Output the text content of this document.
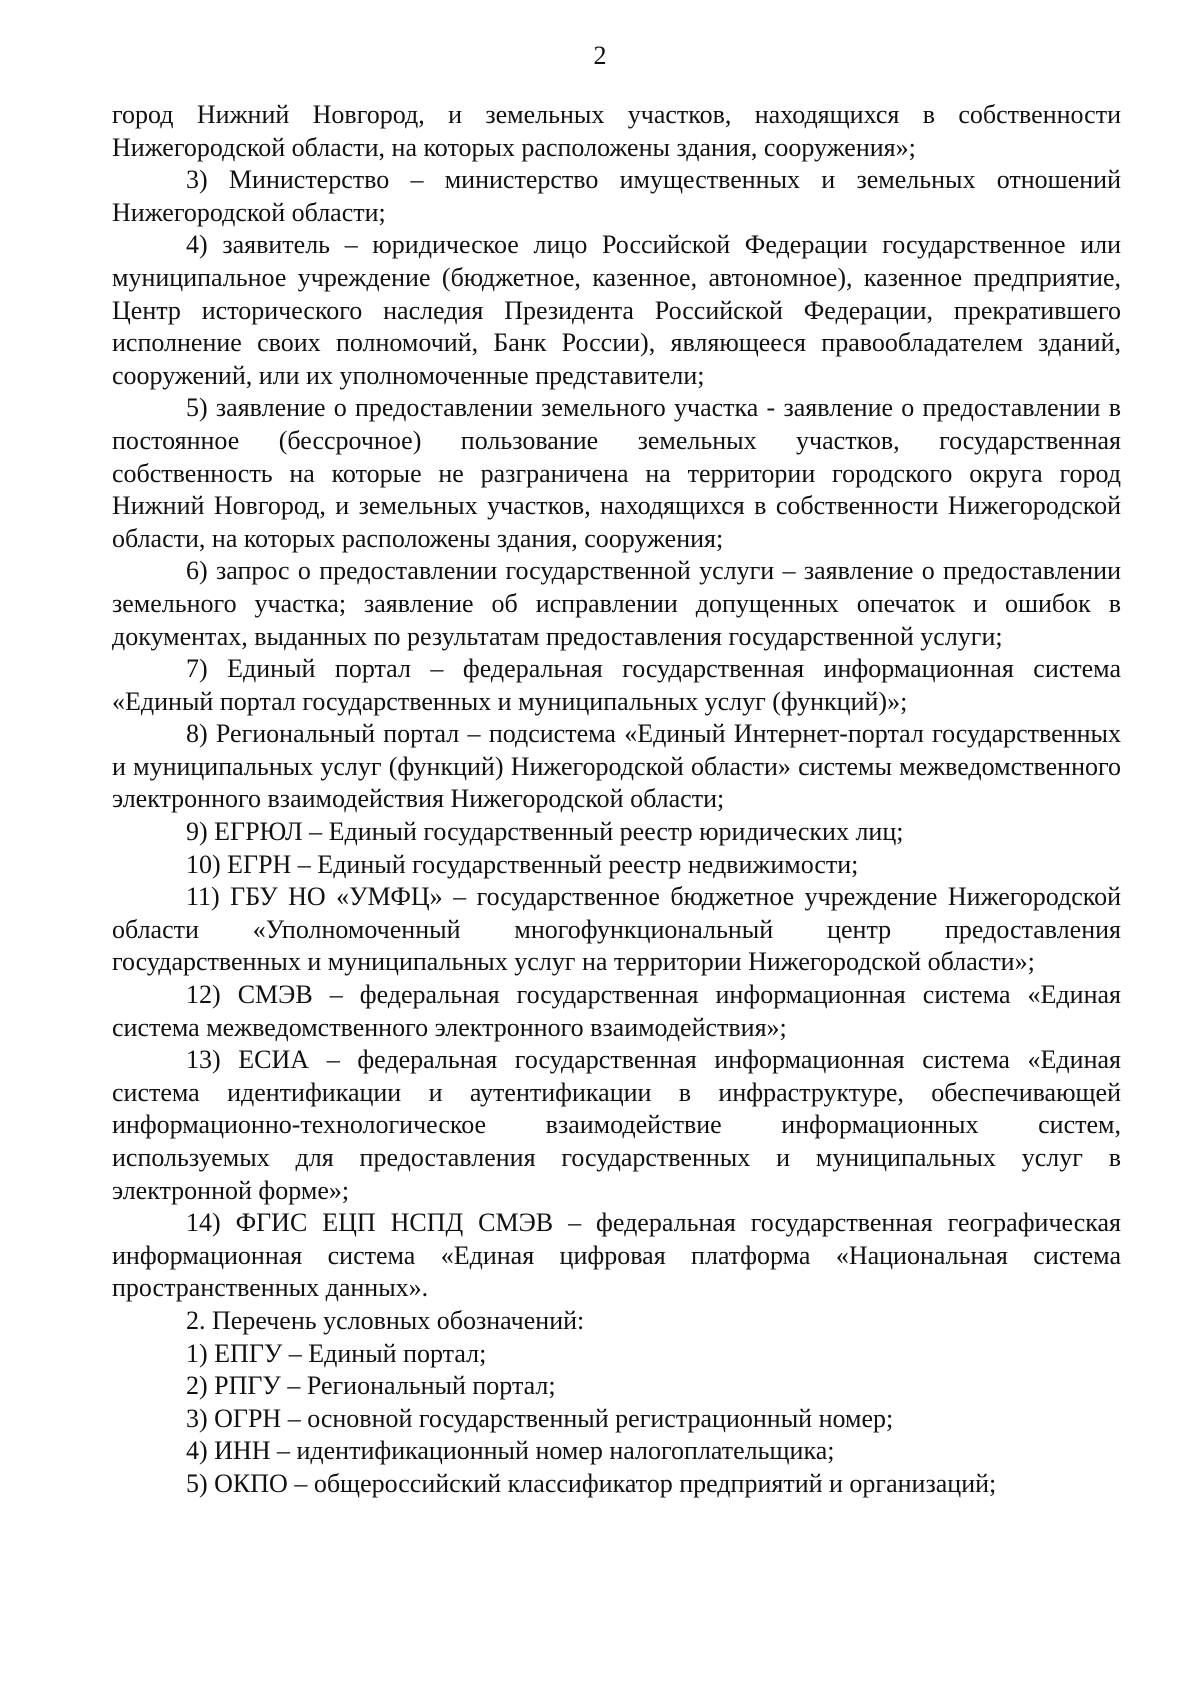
2

город Нижний Новгород, и земельных участков, находящихся в собственности Нижегородской области, на которых расположены здания, сооружения»;

3) Министерство – министерство имущественных и земельных отношений Нижегородской области;

4) заявитель – юридическое лицо Российской Федерации государственное или муниципальное учреждение (бюджетное, казенное, автономное), казенное предприятие, Центр исторического наследия Президента Российской Федерации, прекратившего исполнение своих полномочий, Банк России), являющееся правообладателем зданий, сооружений, или их уполномоченные представители;

5) заявление о предоставлении земельного участка - заявление о предоставлении в постоянное (бессрочное) пользование земельных участков, государственная собственность на которые не разграничена на территории городского округа город Нижний Новгород, и земельных участков, находящихся в собственности Нижегородской области, на которых расположены здания, сооружения;

6) запрос о предоставлении государственной услуги – заявление о предоставлении земельного участка; заявление об исправлении допущенных опечаток и ошибок в документах, выданных по результатам предоставления государственной услуги;

7) Единый портал – федеральная государственная информационная система «Единый портал государственных и муниципальных услуг (функций)»;

8) Региональный портал – подсистема «Единый Интернет-портал государственных и муниципальных услуг (функций) Нижегородской области» системы межведомственного электронного взаимодействия Нижегородской области;

9) ЕГРЮЛ – Единый государственный реестр юридических лиц;

10) ЕГРН – Единый государственный реестр недвижимости;

11) ГБУ НО «УМФЦ» – государственное бюджетное учреждение Нижегородской области «Уполномоченный многофункциональный центр предоставления государственных и муниципальных услуг на территории Нижегородской области»;

12) СМЭВ – федеральная государственная информационная система «Единая система межведомственного электронного взаимодействия»;

13) ЕСИА – федеральная государственная информационная система «Единая система идентификации и аутентификации в инфраструктуре, обеспечивающей информационно-технологическое взаимодействие информационных систем, используемых для предоставления государственных и муниципальных услуг в электронной форме»;

14) ФГИС ЕЦП НСПД СМЭВ – федеральная государственная географическая информационная система «Единая цифровая платформа «Национальная система пространственных данных».

2. Перечень условных обозначений:

1) ЕПГУ – Единый портал;

2) РПГУ – Региональный портал;

3) ОГРН – основной государственный регистрационный номер;

4) ИНН – идентификационный номер налогоплательщика;

5) ОКПО – общероссийский классификатор предприятий и организаций;
